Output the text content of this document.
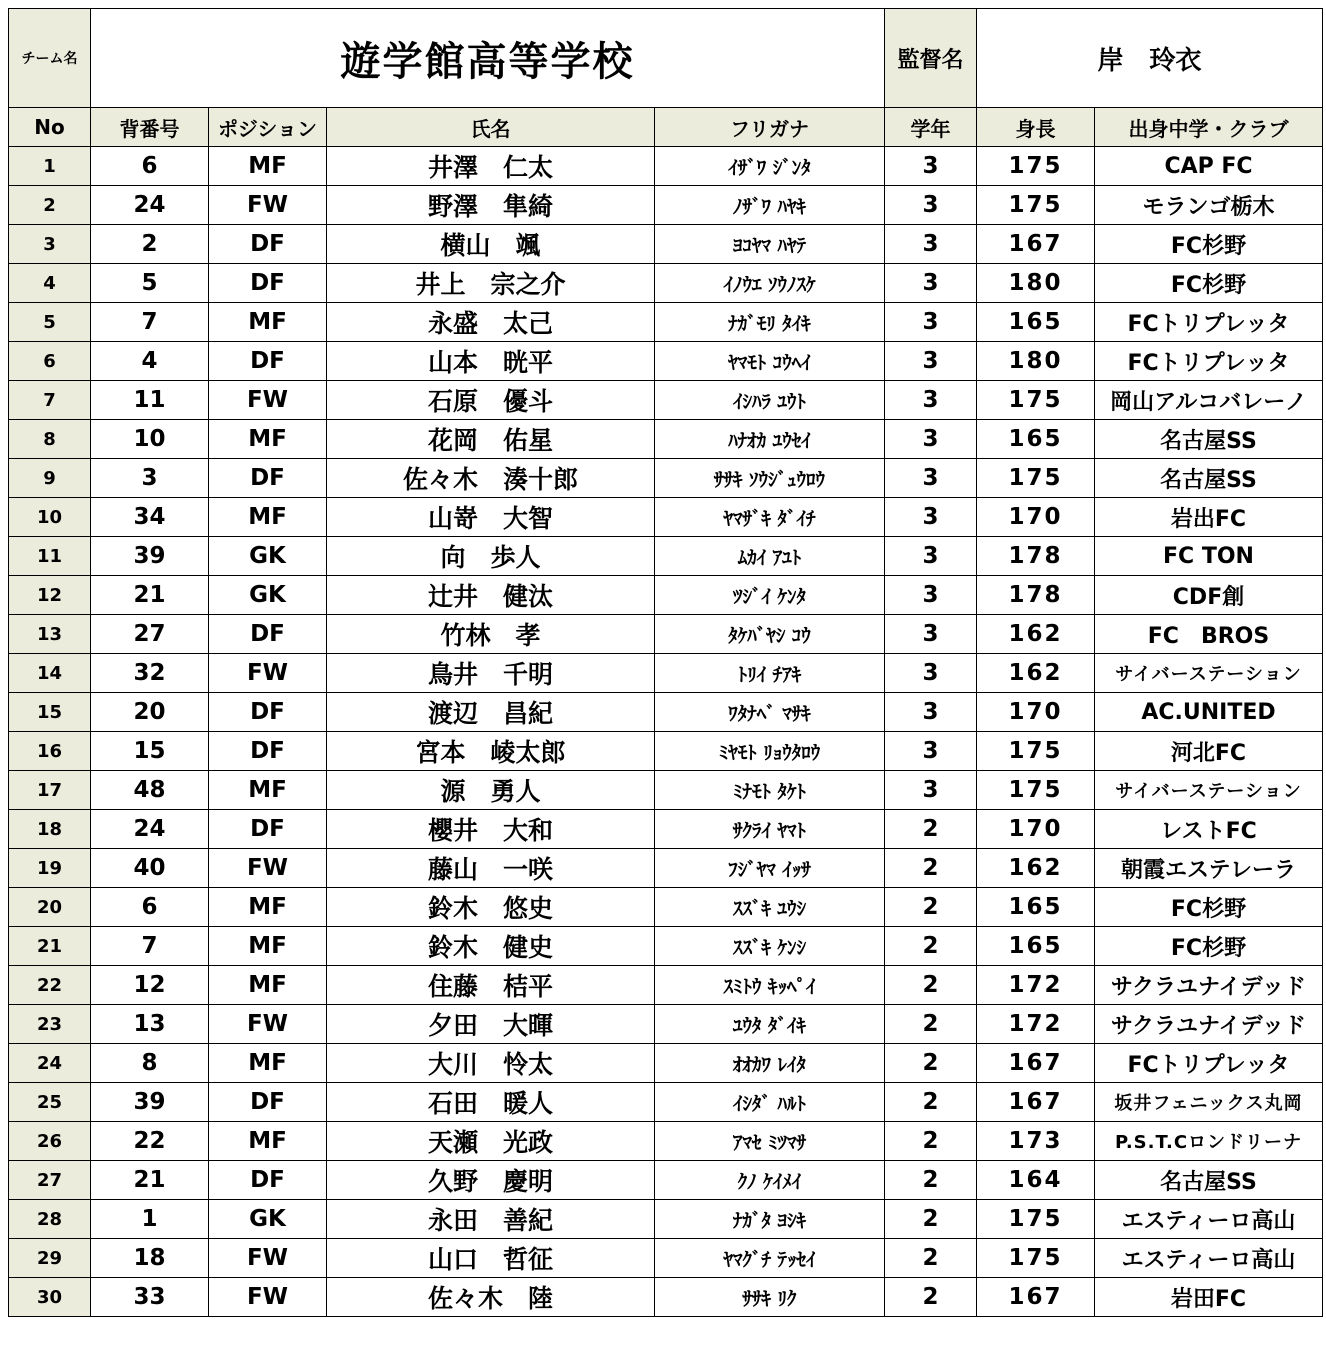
チーム名	遊学館高等学校				監督名	岸　玲衣	
No	背番号	ポジション	氏名	フリガナ	学年	身長	出身中学・クラブ
1	6	MF	井澤　仁太	ｲｻﾞﾜ ｼﾞﾝﾀ	3	175	CAP FC
2	24	FW	野澤　隼綺	ﾉｻﾞﾜ ﾊﾔｷ	3	175	モランゴ栃木
3	2	DF	横山　颯	ﾖｺﾔﾏ ﾊﾔﾃ	3	167	FC杉野
4	5	DF	井上　宗之介	ｲﾉｳｴ ｿｳﾉｽｹ	3	180	FC杉野
5	7	MF	永盛　太己	ﾅｶﾞﾓﾘ ﾀｲｷ	3	165	FCトリプレッタ
6	4	DF	山本　晄平	ﾔﾏﾓﾄ ｺｳﾍｲ	3	180	FCトリプレッタ
7	11	FW	石原　優斗	ｲｼﾊﾗ ﾕｳﾄ	3	175	岡山アルコバレーノ
8	10	MF	花岡　佑星	ﾊﾅｵｶ ﾕｳｾｲ	3	165	名古屋SS
9	3	DF	佐々木　湊十郎	ｻｻｷ ｿｳｼﾞｭｳﾛｳ	3	175	名古屋SS
10	34	MF	山嵜　大智	ﾔﾏｻﾞｷ ﾀﾞｲﾁ	3	170	岩出FC
11	39	GK	向　歩人	ﾑｶｲ ｱﾕﾄ	3	178	FC TON
12	21	GK	辻井　健汰	ﾂｼﾞｲ ｹﾝﾀ	3	178	CDF創
13	27	DF	竹林　孝	ﾀｹﾊﾞﾔｼ ｺｳ	3	162	FC　BROS
14	32	FW	鳥井　千明	ﾄﾘｲ ﾁｱｷ	3	162	サイバーステーション
15	20	DF	渡辺　昌紀	ﾜﾀﾅﾍﾞ ﾏｻｷ	3	170	AC.UNITED
16	15	DF	宮本　崚太郎	ﾐﾔﾓﾄ ﾘｮｳﾀﾛｳ	3	175	河北FC
17	48	MF	源　勇人	ﾐﾅﾓﾄ ﾀｹﾄ	3	175	サイバーステーション
18	24	DF	櫻井　大和	ｻｸﾗｲ ﾔﾏﾄ	2	170	レストFC
19	40	FW	藤山　一咲	ﾌｼﾞﾔﾏ ｲｯｻ	2	162	朝霞エステレーラ
20	6	MF	鈴木　悠史	ｽｽﾞｷ ﾕｳｼ	2	165	FC杉野
21	7	MF	鈴木　健史	ｽｽﾞｷ ｹﾝｼ	2	165	FC杉野
22	12	MF	住藤　桔平	ｽﾐﾄｳ ｷｯﾍﾟｲ	2	172	サクラユナイデッド
23	13	FW	夕田　大暉	ﾕｳﾀ ﾀﾞｲｷ	2	172	サクラユナイデッド
24	8	MF	大川　怜太	ｵｵｶﾜ ﾚｲﾀ	2	167	FCトリプレッタ
25	39	DF	石田　暖人	ｲｼﾀﾞ ﾊﾙﾄ	2	167	坂井フェニックス丸岡
26	22	MF	天瀬　光政	ｱﾏｾ ﾐﾂﾏｻ	2	173	P.S.T.Cロンドリーナ
27	21	DF	久野　慶明	ｸﾉ ｹｲﾒｲ	2	164	名古屋SS
28	1	GK	永田　善紀	ﾅｶﾞﾀ ﾖｼｷ	2	175	エスティーロ高山
29	18	FW	山口　哲征	ﾔﾏｸﾞﾁ ﾃｯｾｲ	2	175	エスティーロ高山
30	33	FW	佐々木　陸	ｻｻｷ ﾘｸ	2	167	岩田FC
